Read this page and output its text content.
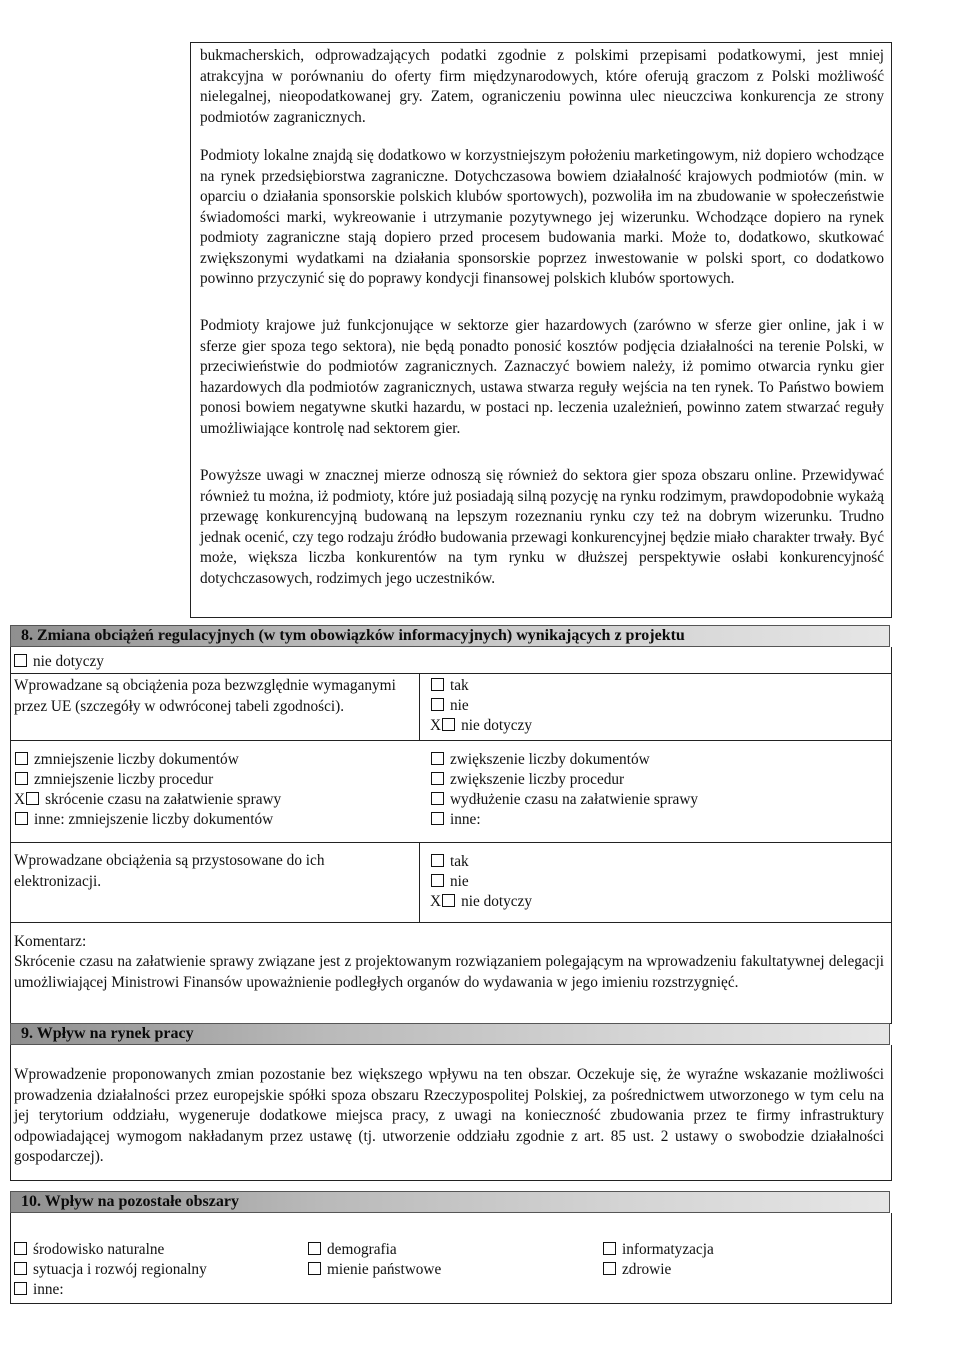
bukmacherskich, odprowadzających podatki zgodnie z polskimi przepisami podatkowymi, jest mniej atrakcyjna w porównaniu do oferty firm międzynarodowych, które oferują graczom z Polski możliwość nielegalnej, nieopodatkowanej gry. Zatem, ograniczeniu powinna ulec nieuczciwa konkurencja ze strony podmiotów zagranicznych.
Podmioty lokalne znajdą się dodatkowo w korzystniejszym położeniu marketingowym, niż dopiero wchodzące na rynek przedsiębiorstwa zagraniczne. Dotychczasowa bowiem działalność krajowych podmiotów (min. w oparciu o działania sponsorskie polskich klubów sportowych), pozwoliła im na zbudowanie w społeczeństwie świadomości marki, wykreowanie i utrzymanie pozytywnego jej wizerunku. Wchodzące dopiero na rynek podmioty zagraniczne stają dopiero przed procesem budowania marki. Może to, dodatkowo, skutkować zwiększonymi wydatkami na działania sponsorskie poprzez inwestowanie w polski sport, co dodatkowo powinno przyczynić się do poprawy kondycji finansowej polskich klubów sportowych.
Podmioty krajowe już funkcjonujące w sektorze gier hazardowych (zarówno w sferze gier online, jak i w sferze gier spoza tego sektora), nie będą ponadto ponosić kosztów podjęcia działalności na terenie Polski, w przeciwieństwie do podmiotów zagranicznych. Zaznaczyć bowiem należy, iż pomimo otwarcia rynku gier hazardowych dla podmiotów zagranicznych, ustawa stwarza reguły wejścia na ten rynek. To Państwo bowiem ponosi bowiem negatywne skutki hazardu, w postaci np. leczenia uzależnień, powinno zatem stwarzać reguły umożliwiające kontrolę nad sektorem gier.
Powyższe uwagi w znacznej mierze odnoszą się również do sektora gier spoza obszaru online. Przewidywać również tu można, iż podmioty, które już posiadają silną pozycję na rynku rodzimym, prawdopodobnie wykażą przewagę konkurencyjną budowaną na lepszym rozeznaniu rynku czy też na dobrym wizerunku. Trudno jednak ocenić, czy tego rodzaju źródło budowania przewagi konkurencyjnej będzie miało charakter trwały. Być może, większa liczba konkurentów na tym rynku w dłuższej perspektywie osłabi konkurencyjność dotychczasowych, rodzimych jego uczestników.
8. Zmiana obciążeń regulacyjnych (w tym obowiązków informacyjnych) wynikających z projektu
nie dotyczy
Wprowadzane są obciążenia poza bezwzględnie wymaganymi przez UE (szczegóły w odwróconej tabeli zgodności).
tak
nie
X nie dotyczy
zmniejszenie liczby dokumentów
zmniejszenie liczby procedur
X skrócenie czasu na załatwienie sprawy
inne: zmniejszenie liczby dokumentów
zwiększenie liczby dokumentów
zwiększenie liczby procedur
wydłużenie czasu na załatwienie sprawy
inne:
Wprowadzane obciążenia są przystosowane do ich elektronizacji.
tak
nie
X nie dotyczy
Komentarz:
Skrócenie czasu na załatwienie sprawy związane jest z projektowanym rozwiązaniem polegającym na wprowadzeniu fakultatywnej delegacji umożliwiającej Ministrowi Finansów upoważnienie podległych organów do wydawania w jego imieniu rozstrzygnięć.
9. Wpływ na rynek pracy
Wprowadzenie proponowanych zmian pozostanie bez większego wpływu na ten obszar. Oczekuje się, że wyraźne wskazanie możliwości prowadzenia działalności przez europejskie spółki spoza obszaru Rzeczypospolitej Polskiej, za pośrednictwem utworzonego w tym celu na jej terytorium oddziału, wygeneruje dodatkowe miejsca pracy, z uwagi na konieczność zbudowania przez te firmy infrastruktury odpowiadającej wymogom nakładanym przez ustawę (tj. utworzenie oddziału zgodnie z art. 85 ust. 2 ustawy o swobodzie działalności gospodarczej).
10. Wpływ na pozostałe obszary
środowisko naturalne
sytuacja i rozwój regionalny
inne:
demografia
mienie państwowe
informatyzacja
zdrowie
